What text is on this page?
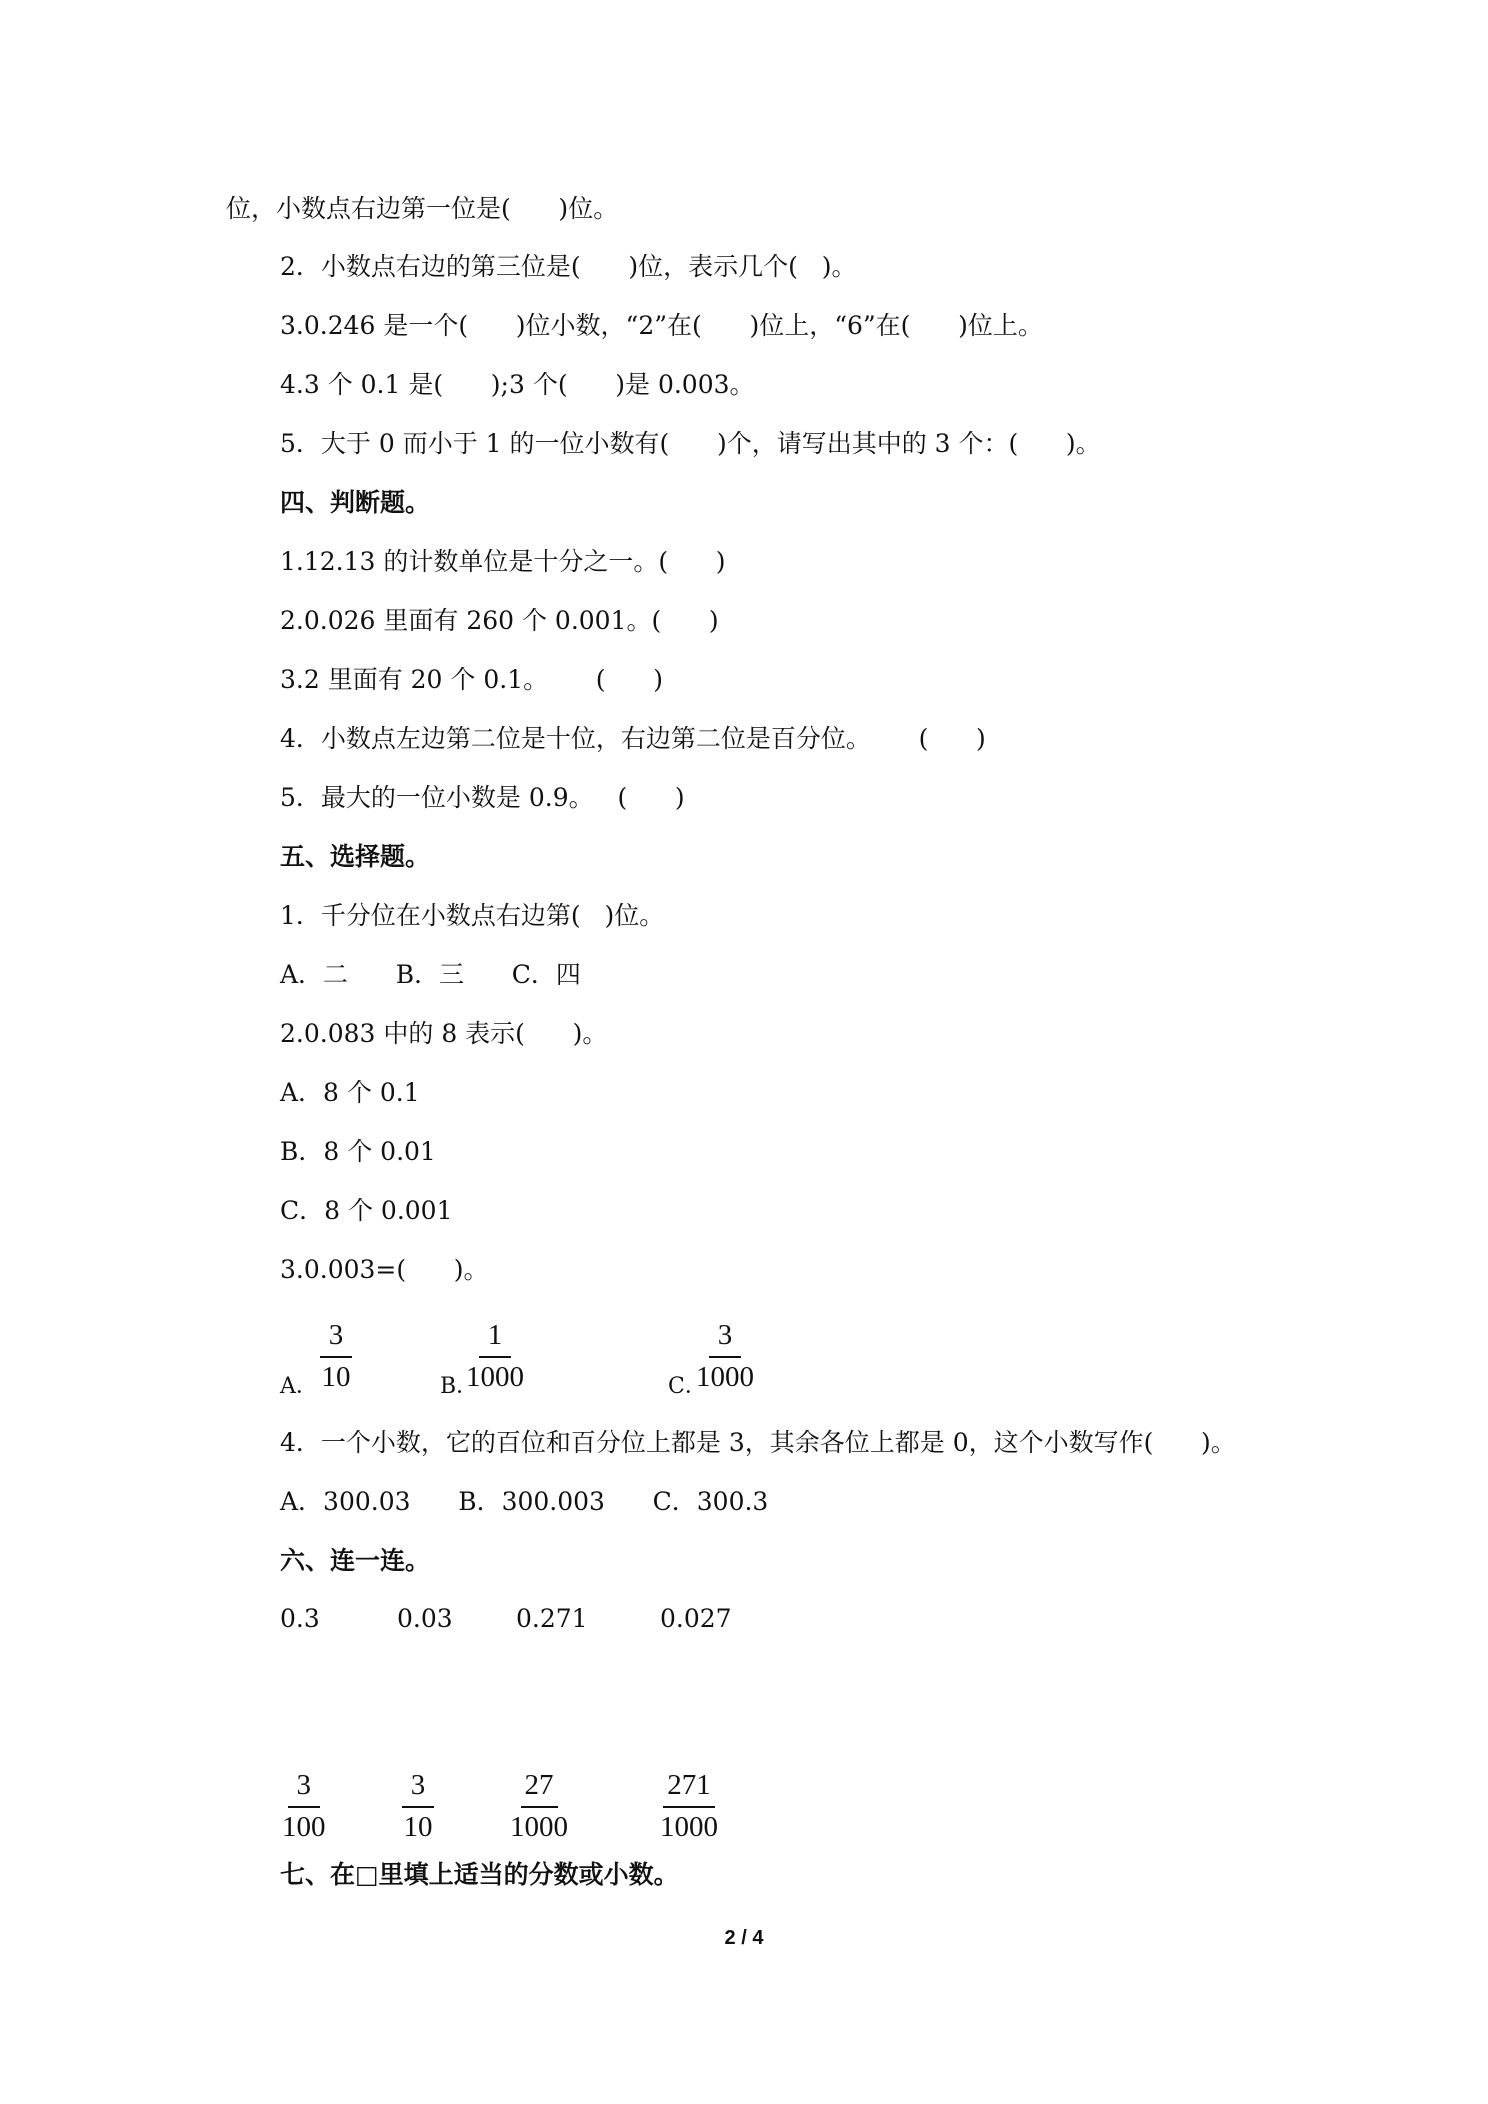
位，小数点右边第一位是(      )位。
2．小数点右边的第三位是(      )位，表示几个(   )。
3.0.246 是一个(      )位小数，“2”在(      )位上，“6”在(      )位上。
4.3 个 0.1 是(      );3 个(      )是 0.003。
5．大于 0 而小于 1 的一位小数有(      )个，请写出其中的 3 个：(      )。
四、判断题。
1.12.13 的计数单位是十分之一。(      )
2.0.026 里面有 260 个 0.001。(      )
3.2 里面有 20 个 0.1。      (      )
4．小数点左边第二位是十位，右边第二位是百分位。      (      )
5．最大的一位小数是 0.9。   (      )
五、选择题。
1．千分位在小数点右边第(   )位。
A．二      B．三      C．四
2.0.083 中的 8 表示(      )。
A．8 个 0.1
B．8 个 0.01
C．8 个 0.001
3.0.003=(      )。
A． $\frac{3}{10}$	B．
$\frac{1}{1000}$	C．
$\frac{3}{1000}$
4．一个小数，它的百位和百分位上都是 3，其余各位上都是 0，这个小数写作(      )。
A．300.03      B．300.003      C．300.3
六、连一连。
0.3	0.03	0.271	0.027
$\frac{3}{100}$	$\frac{3}{10}$	$\frac{27}{1000}$	$\frac{271}{1000}$
七、在□里填上适当的分数或小数。
2 / 4
